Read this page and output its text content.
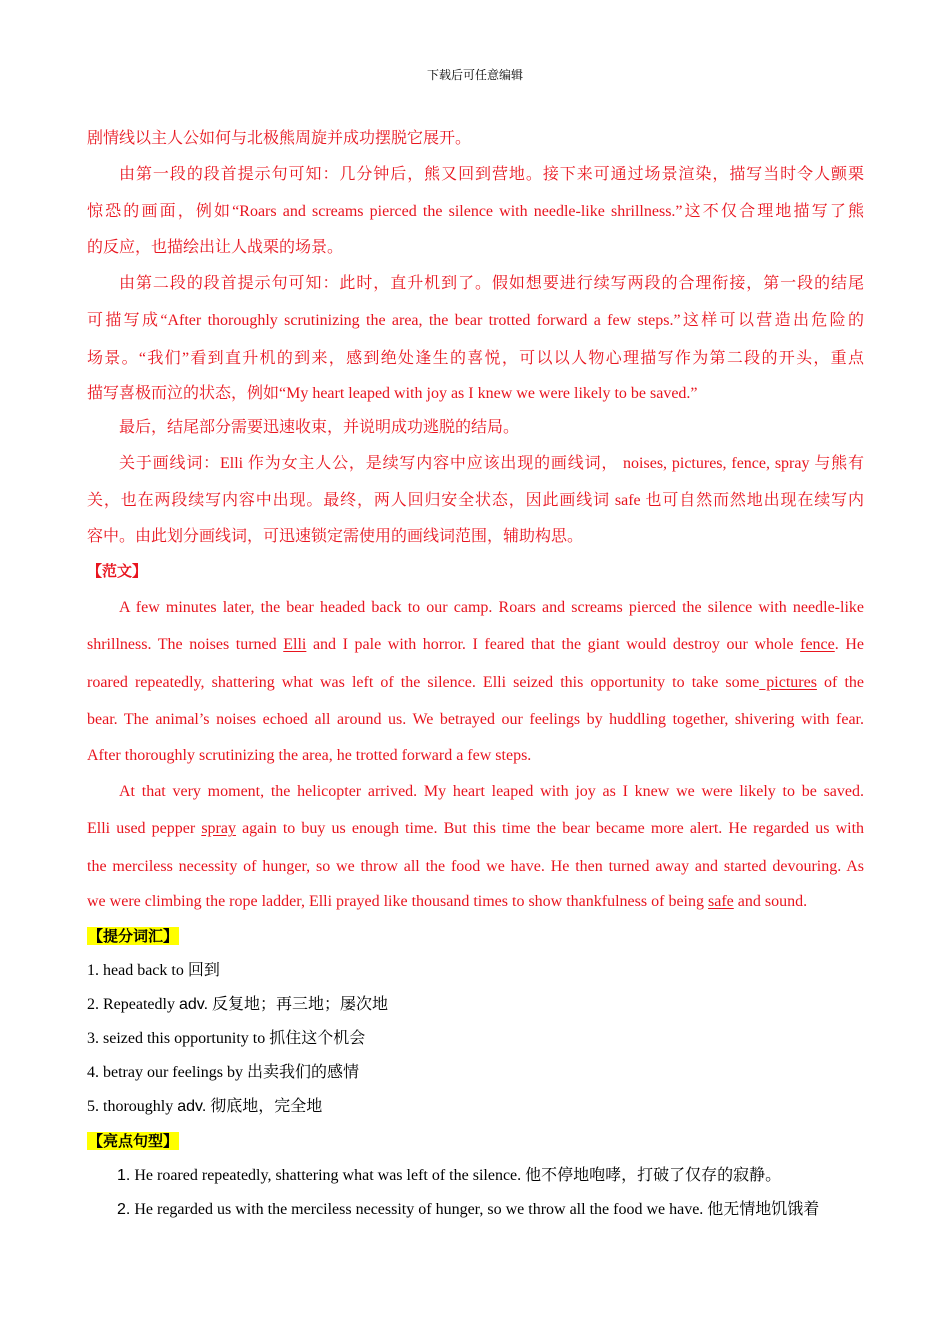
下载后可任意编辑

剧情线以主人公如何与北极熊周旋并成功摆脱它展开。

由第一段的段首提示句可知：几分钟后，熊又回到营地。接下来可通过场景渲染，描写当时令人颤栗

惊恐的画面，例如“Roars and screams pierced the silence with needle-like shrillness.”这不仅合理地描写了熊

的反应，也描绘出让人战栗的场景。

由第二段的段首提示句可知：此时，直升机到了。假如想要进行续写两段的合理衔接，第一段的结尾

可描写成“After thoroughly scrutinizing the area, the bear trotted forward a few steps.”这样可以营造出危险的

场景。“我们”看到直升机的到来，感到绝处逢生的喜悦，可以以人物心理描写作为第二段的开头，重点

描写喜极而泣的状态，例如“My heart leaped with joy as I knew we were likely to be saved.”

最后，结尾部分需要迅速收束，并说明成功逃脱的结局。

关于画线词：Elli 作为女主人公，是续写内容中应该出现的画线词， noises, pictures, fence, spray 与熊有

关，也在两段续写内容中出现。最终，两人回归安全状态，因此画线词 safe 也可自然而然地出现在续写内

容中。由此划分画线词，可迅速锁定需使用的画线词范围，辅助构思。

【范文】

A few minutes later, the bear headed back to our camp. Roars and screams pierced the silence with needle-like

shrillness. The noises turned Elli and I pale with horror. I feared that the giant would destroy our whole fence. He

roared repeatedly, shattering what was left of the silence. Elli seized this opportunity to take some pictures of the

bear. The animal’s noises echoed all around us. We betrayed our feelings by huddling together, shivering with fear.

After thoroughly scrutinizing the area, he trotted forward a few steps.

At that very moment, the helicopter arrived. My heart leaped with joy as I knew we were likely to be saved.

Elli used pepper spray again to buy us enough time. But this time the bear became more alert. He regarded us with

the merciless necessity of hunger, so we throw all the food we have. He then turned away and started devouring. As

we were climbing the rope ladder, Elli prayed like thousand times to show thankfulness of being safe and sound.

【提分词汇】

1. head back to 回到

2. Repeatedly adv. 反复地；再三地；屡次地

3. seized this opportunity to 抓住这个机会

4. betray our feelings by 出卖我们的感情

5. thoroughly adv. 彻底地，完全地

【亮点句型】

1. He roared repeatedly, shattering what was left of the silence. 他不停地咆哮，打破了仅存的寂静。

2. He regarded us with the merciless necessity of hunger, so we throw all the food we have. 他无情地饥饿着
